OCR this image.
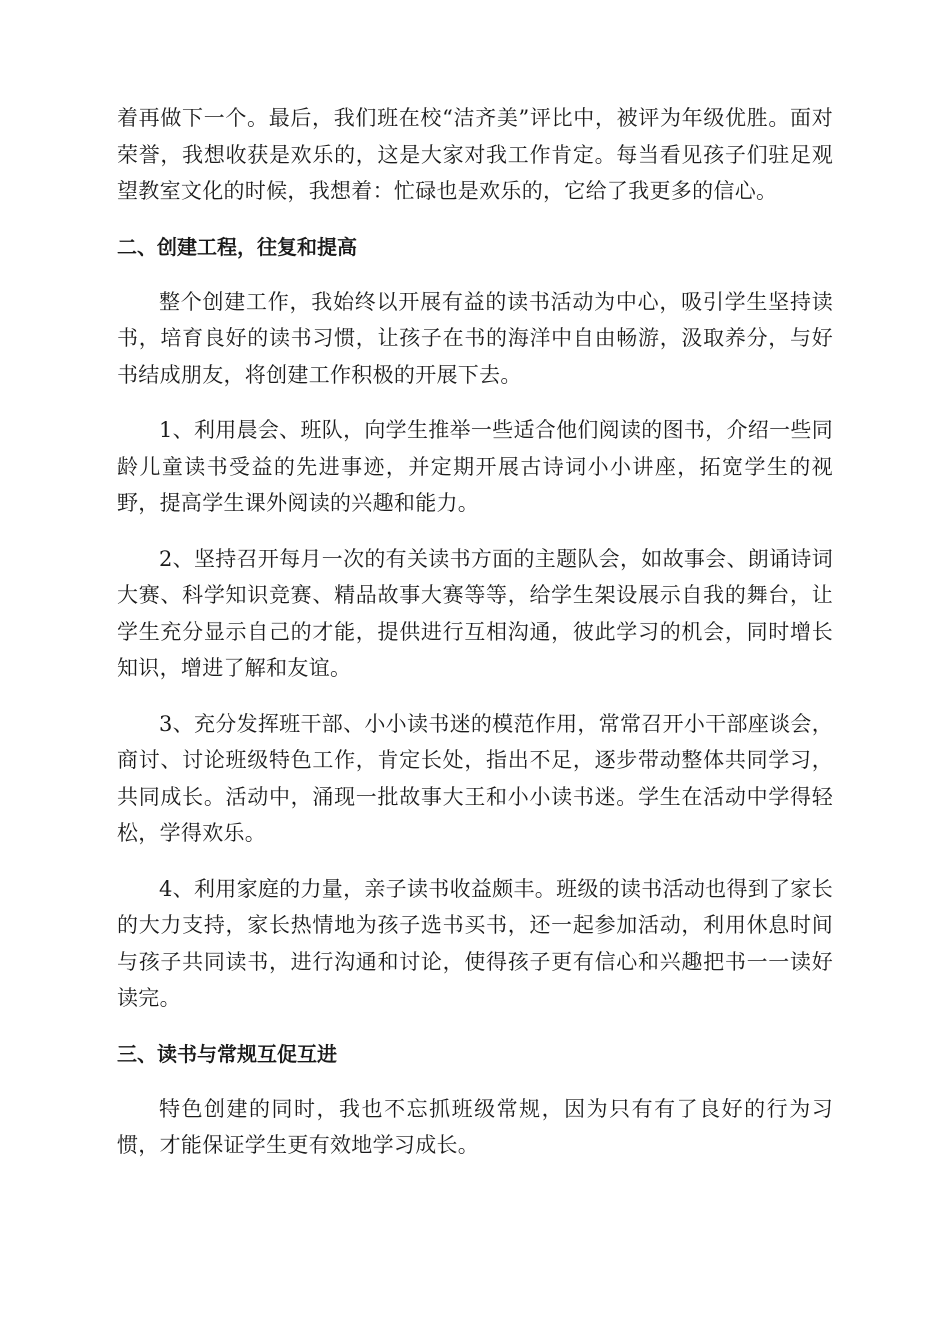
着再做下一个。最后，我们班在校“洁齐美”评比中，被评为年级优胜。面对荣誉，我想收获是欢乐的，这是大家对我工作肯定。每当看见孩子们驻足观望教室文化的时候，我想着：忙碌也是欢乐的，它给了我更多的信心。

二、创建工程，往复和提高

整个创建工作，我始终以开展有益的读书活动为中心，吸引学生坚持读书，培育良好的读书习惯，让孩子在书的海洋中自由畅游，汲取养分，与好书结成朋友，将创建工作积极的开展下去。

1、利用晨会、班队，向学生推举一些适合他们阅读的图书，介绍一些同龄儿童读书受益的先进事迹，并定期开展古诗词小小讲座，拓宽学生的视野，提高学生课外阅读的兴趣和能力。

2、坚持召开每月一次的有关读书方面的主题队会，如故事会、朗诵诗词大赛、科学知识竞赛、精品故事大赛等等，给学生架设展示自我的舞台，让学生充分显示自己的才能，提供进行互相沟通，彼此学习的机会，同时增长知识，增进了解和友谊。

3、充分发挥班干部、小小读书迷的模范作用，常常召开小干部座谈会，商讨、讨论班级特色工作，肯定长处，指出不足，逐步带动整体共同学习，共同成长。活动中，涌现一批故事大王和小小读书迷。学生在活动中学得轻松，学得欢乐。

4、利用家庭的力量，亲子读书收益颇丰。班级的读书活动也得到了家长的大力支持，家长热情地为孩子选书买书，还一起参加活动，利用休息时间与孩子共同读书，进行沟通和讨论，使得孩子更有信心和兴趣把书一一读好读完。

三、读书与常规互促互进

特色创建的同时，我也不忘抓班级常规，因为只有有了良好的行为习惯，才能保证学生更有效地学习成长。
